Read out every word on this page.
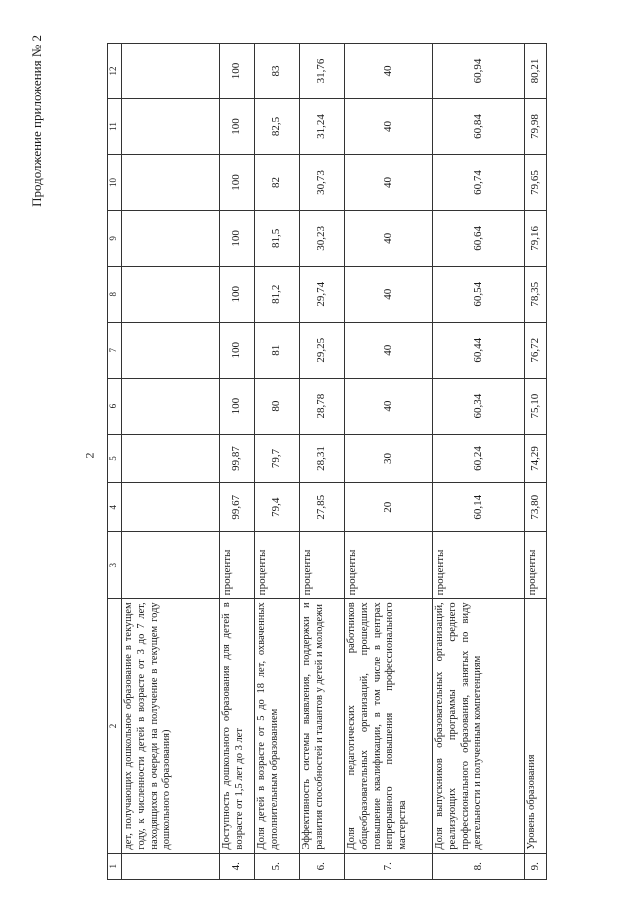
2
Продолжение приложения № 2
1	2	3	4	5	6	7	8	9	10	11	12
	дет, получающих дошкольное образование в текущем году, к численности детей в возрасте от 3 до 7 лет, находящихся в очереди на получение в текущем году дошкольного образования)										
4.	Доступность дошкольного образования для детей в возрасте от 1,5 лет до 3 лет	проценты	99,67	99,87	100	100	100	100	100	100	100
5.	Доля детей в возрасте от 5 до 18 лет, охваченных дополнительным образованием	проценты	79,4	79,7	80	81	81,2	81,5	82	82,5	83
6.	Эффективность системы выявления, поддержки и развития способностей и талантов у детей и молодежи	проценты	27,85	28,31	28,78	29,25	29,74	30,23	30,73	31,24	31,76
7.	Доля педагогических работников общеобразовательных организаций, прошедших повышение квалификации, в том числе в центрах непрерывного повышения профессионального мастерства	проценты	20	30	40	40	40	40	40	40	40
8.	Доля выпускников образовательных организаций, реализующих программы среднего профессионального образования, занятых по виду деятельности и полученным компетенциям	проценты	60,14	60,24	60,34	60,44	60,54	60,64	60,74	60,84	60,94
9.	Уровень образования	проценты	73,80	74,29	75,10	76,72	78,35	79,16	79,65	79,98	80,21
